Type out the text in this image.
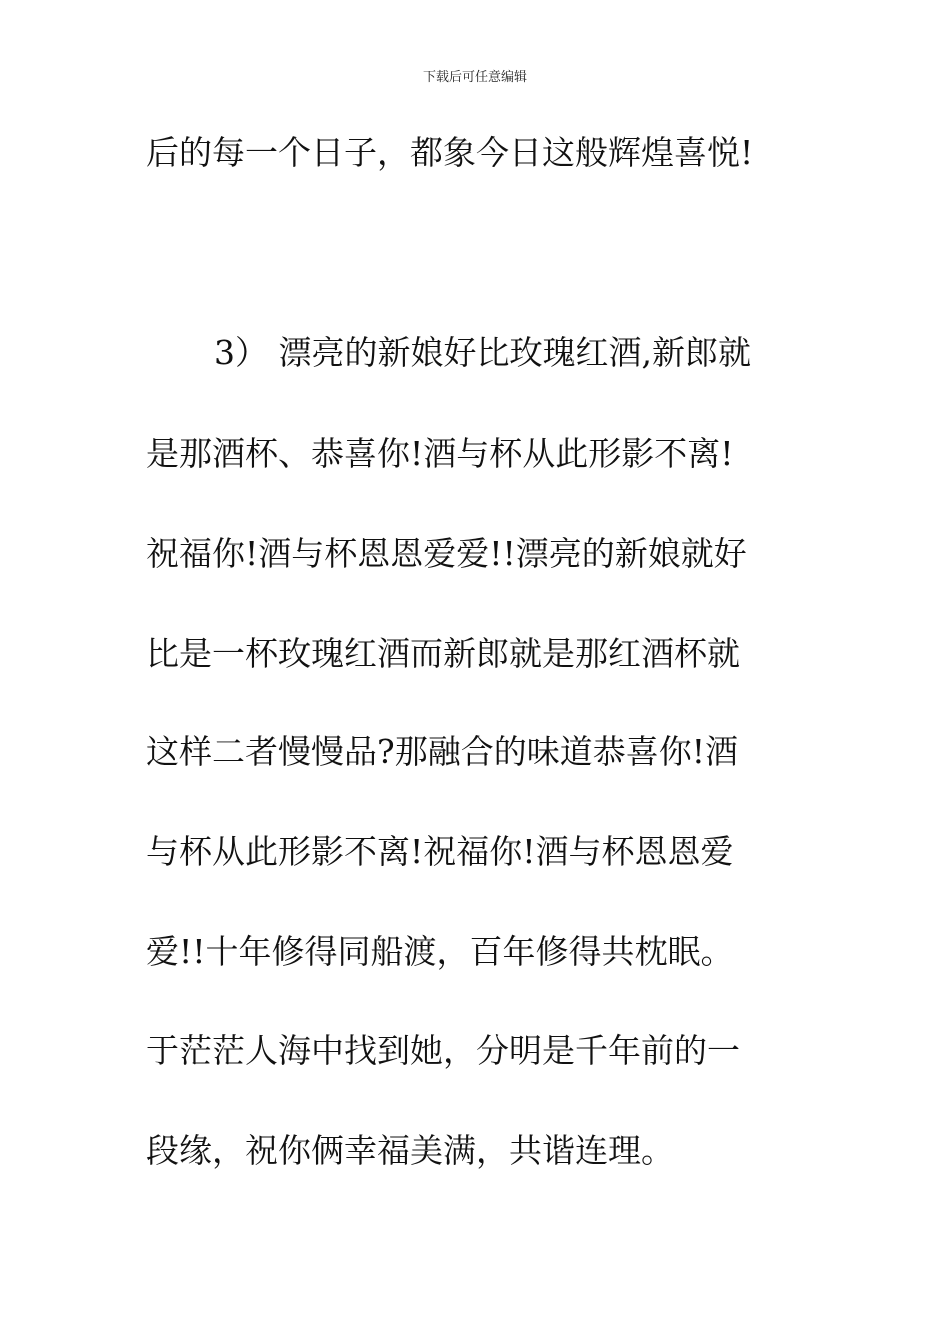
下载后可任意编辑
后的每一个日子，都象今日这般辉煌喜悦!
3） 漂亮的新娘好比玫瑰红酒,新郎就
是那酒杯、恭喜你!酒与杯从此形影不离!
祝福你!酒与杯恩恩爱爱!!漂亮的新娘就好
比是一杯玫瑰红酒而新郎就是那红酒杯就
这样二者慢慢品?那融合的味道恭喜你!酒
与杯从此形影不离!祝福你!酒与杯恩恩爱
爱!!十年修得同船渡，百年修得共枕眠。
于茫茫人海中找到她，分明是千年前的一
段缘，祝你俩幸福美满，共谐连理。
